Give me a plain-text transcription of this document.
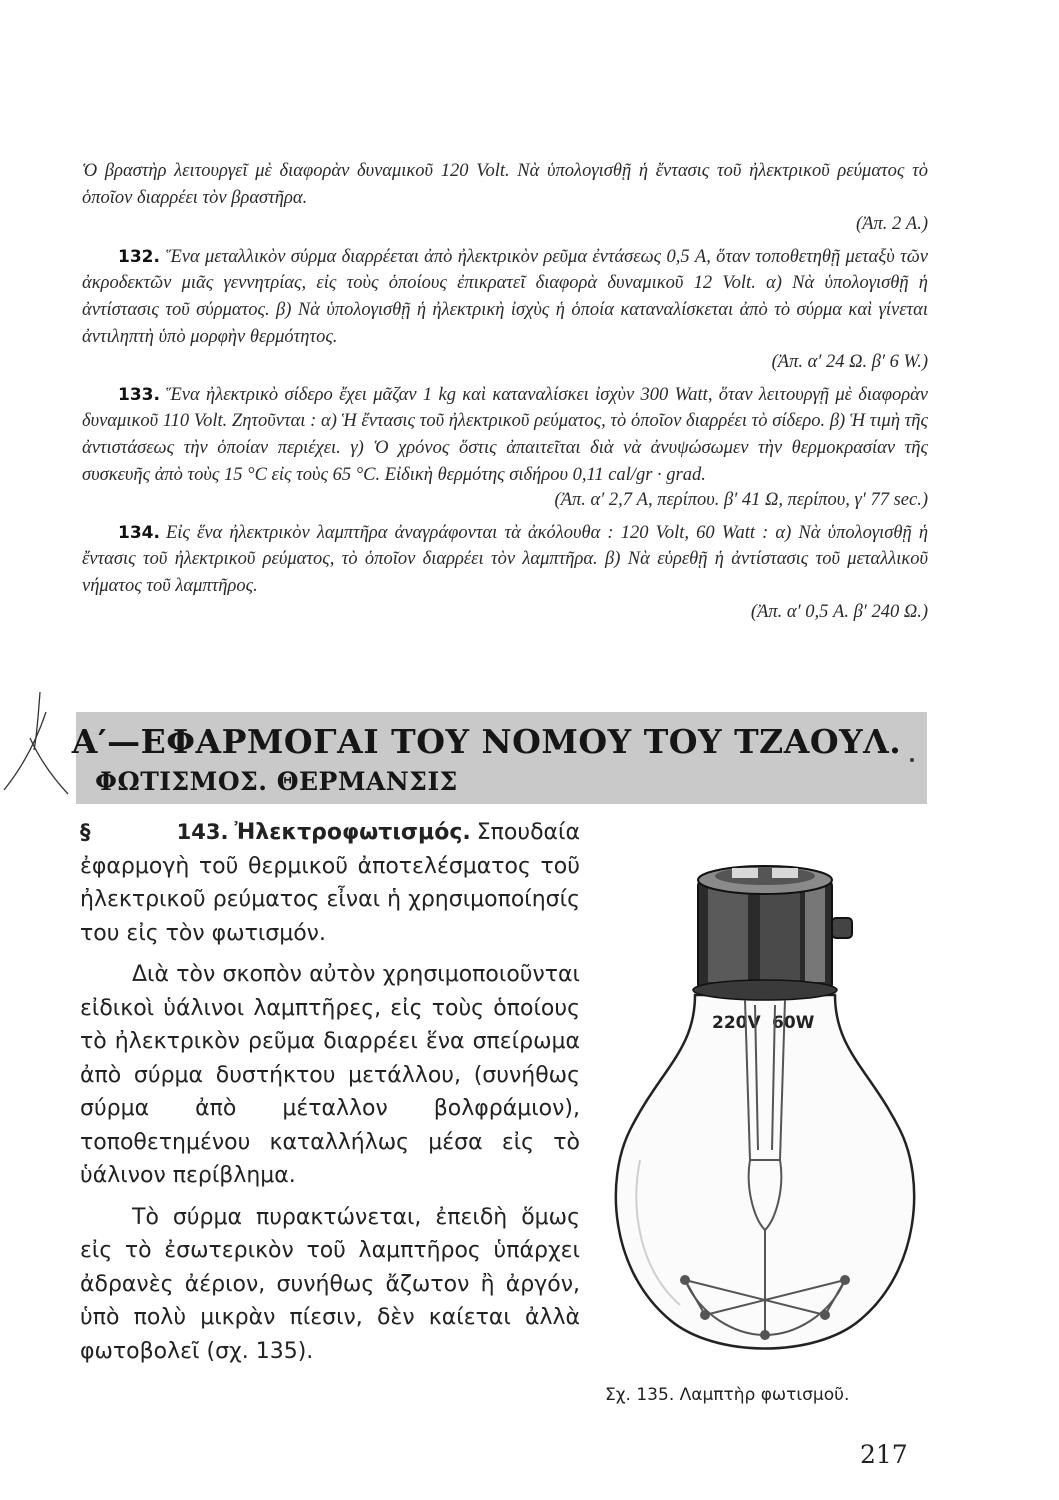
Ὁ βραστὴρ λειτουργεῖ μὲ διαφορὰν δυναμικοῦ 120 Volt. Νὰ ὑπολογισθῇ ἡ ἔντασις τοῦ ἠλεκτρικοῦ ρεύματος τὸ ὁποῖον διαρρέει τὸν βραστῆρα.
(Ἀπ. 2 A.)

132. Ἕνα μεταλλικὸν σύρμα διαρρέεται ἀπὸ ἠλεκτρικὸν ρεῦμα ἐντάσεως 0,5 A, ὅταν τοποθετηθῇ μεταξὺ τῶν ἀκροδεκτῶν μιᾶς γεννητρίας, εἰς τοὺς ὁποίους ἐπικρατεῖ διαφορὰ δυναμικοῦ 12 Volt. α) Νὰ ὑπολογισθῇ ἡ ἀντίστασις τοῦ σύρματος. β) Νὰ ὑπολογισθῇ ἡ ἠλεκτρικὴ ἰσχὺς ἡ ὁποία καταναλίσκεται ἀπὸ τὸ σύρμα καὶ γίνεται ἀντιληπτὴ ὑπὸ μορφὴν θερμότητος.
(Ἀπ. α′ 24 Ω. β′ 6 W.)

133. Ἕνα ἠλεκτρικὸ σίδερο ἔχει μᾶζαν 1 kg καὶ καταναλίσκει ἰσχὺν 300 Watt, ὅταν λειτουργῇ μὲ διαφορὰν δυναμικοῦ 110 Volt. Ζητοῦνται : α) Ἡ ἔντασις τοῦ ἠλεκτρικοῦ ρεύματος, τὸ ὁποῖον διαρρέει τὸ σίδερο. β) Ἡ τιμὴ τῆς ἀντιστάσεως τὴν ὁποίαν περιέχει. γ) Ὁ χρόνος ὅστις ἀπαιτεῖται διὰ νὰ ἀνυψώσωμεν τὴν θερμοκρασίαν τῆς συσκευῆς ἀπὸ τοὺς 15 °C εἰς τοὺς 65 °C. Εἰδικὴ θερμότης σιδήρου 0,11 cal/gr · grad.
(Ἀπ. α′ 2,7 A, περίπου. β′ 41 Ω, περίπου, γ′ 77 sec.)

134. Εἰς ἕνα ἠλεκτρικὸν λαμπτῆρα ἀναγράφονται τὰ ἀκόλουθα : 120 Volt, 60 Watt : α) Νὰ ὑπολογισθῇ ἡ ἔντασις τοῦ ἠλεκτρικοῦ ρεύματος, τὸ ὁποῖον διαρρέει τὸν λαμπτῆρα. β) Νὰ εὑρεθῇ ἡ ἀντίστασις τοῦ μεταλλικοῦ νήματος τοῦ λαμπτῆρος.
(Ἀπ. α′ 0,5 A. β′ 240 Ω.)

Α′—ΕΦΑΡΜΟΓΑΙ ΤΟΥ ΝΟΜΟΥ ΤΟΥ ΤΖΑΟΥΛ.
ΦΩΤΙΣΜΟΣ. ΘΕΡΜΑΝΣΙΣ

§ 143. Ἠλεκτροφωτισμός. Σπουδαία ἐφαρμογὴ τοῦ θερμικοῦ ἀποτελέσματος τοῦ ἠλεκτρικοῦ ρεύματος εἶναι ἡ χρησιμοποίησίς του εἰς τὸν φωτισμόν.

Διὰ τὸν σκοπὸν αὐτὸν χρησιμοποιοῦνται εἰδικοὶ ὑάλινοι λαμπτῆρες, εἰς τοὺς ὁποίους τὸ ἠλεκτρικὸν ρεῦμα διαρρέει ἕνα σπείρωμα ἀπὸ σύρμα δυστήκτου μετάλλου, (συνήθως σύρμα ἀπὸ μέταλλον βολφράμιον), τοποθετημένου καταλλήλως μέσα εἰς τὸ ὑάλινον περίβλημα.

Τὸ σύρμα πυρακτώνεται, ἐπειδὴ ὅμως εἰς τὸ ἐσωτερικὸν τοῦ λαμπτῆρος ὑπάρχει ἀδρανὲς ἀέριον, συνήθως ἄζωτον ἢ ἀργόν, ὑπὸ πολὺ μικρὰν πίεσιν, δὲν καίεται ἀλλὰ φωτοβολεῖ (σχ. 135).

220V 60W
Σχ. 135. Λαμπτὴρ φωτισμοῦ.
217
